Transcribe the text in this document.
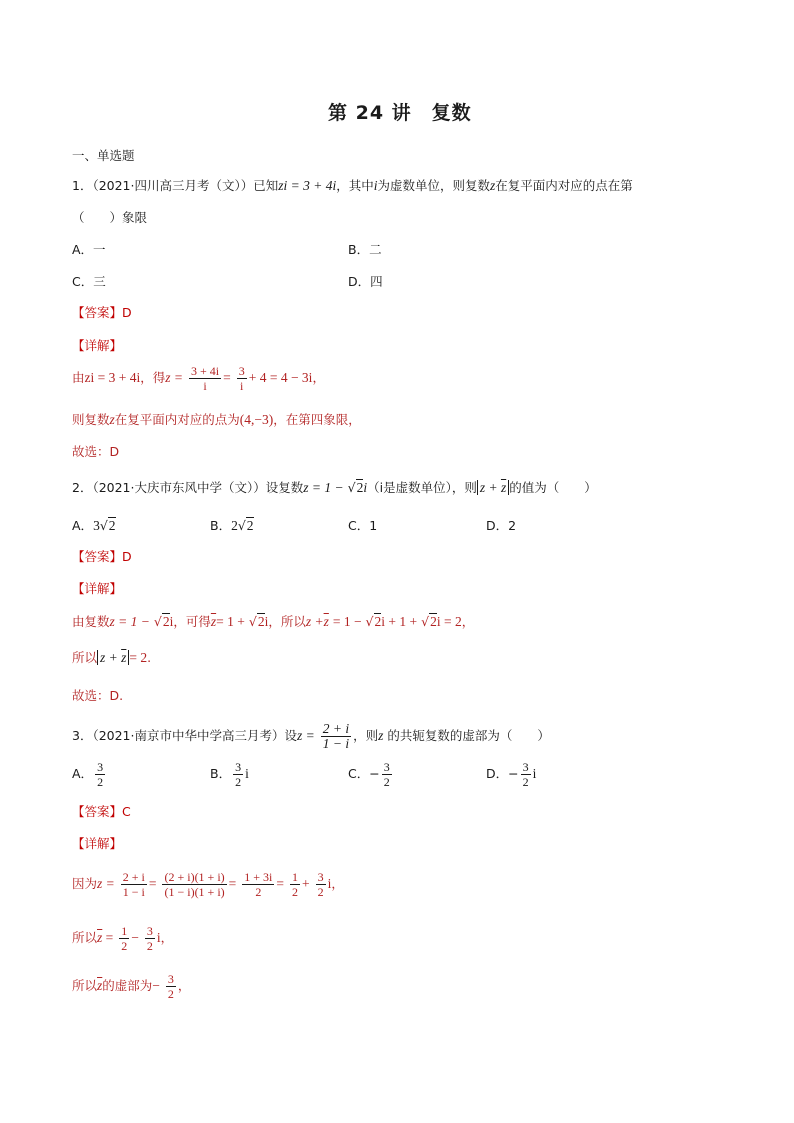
第 24 讲　复数
一、单选题
1．（2021·四川高三月考（文））已知zi = 3 + 4i，其中i为虚数单位，则复数z在复平面内对应的点在第
（　　）象限
A．一	B．二
C．三	D．四
【答案】D
【详解】
由zi = 3 + 4i，得$z = \frac{3 + 4i}{i} = \frac{3}{i} + 4 = 4 - 3i$，
则复数z在复平面内对应的点为(4,−3)，在第四象限，
故选：D
2．（2021·大庆市东风中学（文））设复数z = 1 − √2i（i是虚数单位），则 $z + \overline{z}$ 的值为（　　）
A．3√2	B．2√2	C．1	D．2
【答案】D
【详解】
由复数z = 1 − √2i，可得$\overline{z}= 1 + √2i$，所以$z +\overline{z} = 1 - √2i + 1 + √2i = 2$，
所以 $z + \overline{z} = 2$.
故选：D.
3．（2021·南京市中华中学高三月考）设$z = \frac{2 + i}{1 - i}$ ，则z 的共轭复数的虚部为（　　）
A． $\frac{3}{2}$	B． $\frac{3}{2}$ i	C．− $\frac{3}{2}$	D．− $\frac{3}{2}$ i
【答案】C
【详解】
因为$z = \frac{2 + i}{1 - i} = \frac{(2 + i)(1 + i)}{(1 - i)(1 + i)} = \frac{1 + 3i}{2} = \frac{1}{2} + \frac{3}{2}$ i，
所以$\overline{z} = \frac{1}{2} - \frac{3}{2}$ i，
所以$\overline{z}$的虚部为− $\frac{3}{2}$ ，
